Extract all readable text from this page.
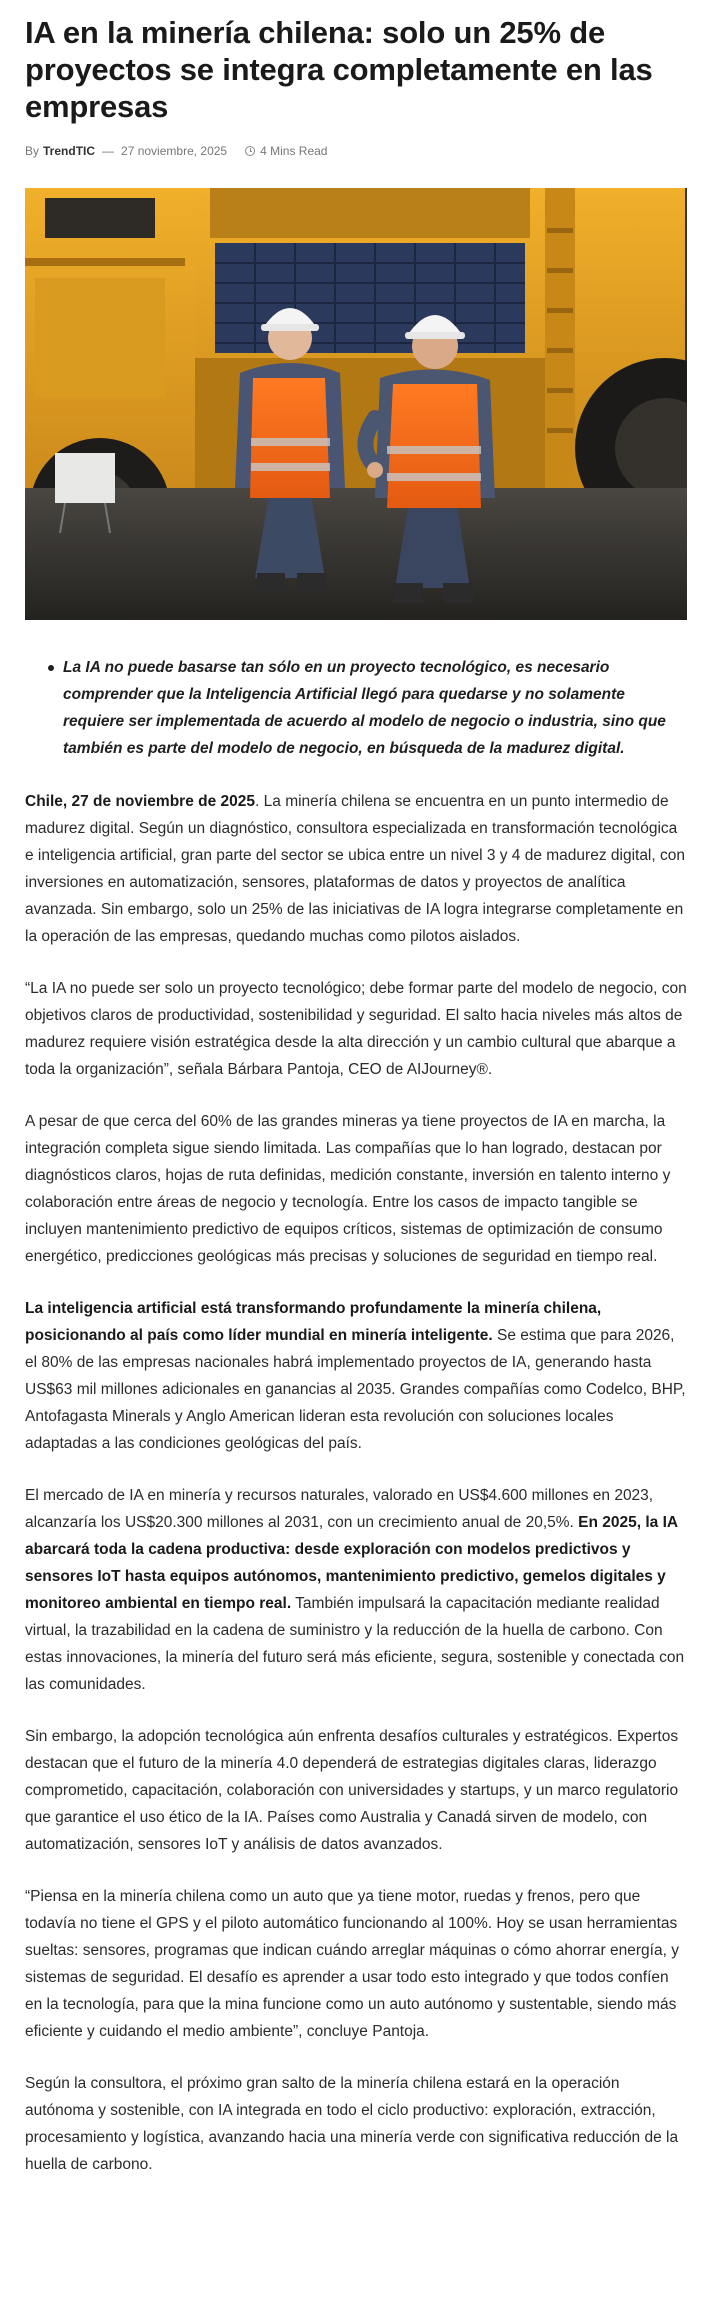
IA en la minería chilena: solo un 25% de proyectos se integra completamente en las empresas
By TrendTIC — 27 noviembre, 2025	4 Mins Read
La IA no puede basarse tan sólo en un proyecto tecnológico, es necesario comprender que la Inteligencia Artificial llegó para quedarse y no solamente requiere ser implementada de acuerdo al modelo de negocio o industria, sino que también es parte del modelo de negocio, en búsqueda de la madurez digital.

Chile, 27 de noviembre de 2025. La minería chilena se encuentra en un punto intermedio de madurez digital. Según un diagnóstico, consultora especializada en transformación tecnológica e inteligencia artificial, gran parte del sector se ubica entre un nivel 3 y 4 de madurez digital, con inversiones en automatización, sensores, plataformas de datos y proyectos de analítica avanzada. Sin embargo, solo un 25% de las iniciativas de IA logra integrarse completamente en la operación de las empresas, quedando muchas como pilotos aislados.

“La IA no puede ser solo un proyecto tecnológico; debe formar parte del modelo de negocio, con objetivos claros de productividad, sostenibilidad y seguridad. El salto hacia niveles más altos de madurez requiere visión estratégica desde la alta dirección y un cambio cultural que abarque a toda la organización”, señala Bárbara Pantoja, CEO de AIJourney®.

A pesar de que cerca del 60% de las grandes mineras ya tiene proyectos de IA en marcha, la integración completa sigue siendo limitada. Las compañías que lo han logrado, destacan por diagnósticos claros, hojas de ruta definidas, medición constante, inversión en talento interno y colaboración entre áreas de negocio y tecnología. Entre los casos de impacto tangible se incluyen mantenimiento predictivo de equipos críticos, sistemas de optimización de consumo energético, predicciones geológicas más precisas y soluciones de seguridad en tiempo real.

La inteligencia artificial está transformando profundamente la minería chilena, posicionando al país como líder mundial en minería inteligente. Se estima que para 2026, el 80% de las empresas nacionales habrá implementado proyectos de IA, generando hasta US$63 mil millones adicionales en ganancias al 2035. Grandes compañías como Codelco, BHP, Antofagasta Minerals y Anglo American lideran esta revolución con soluciones locales adaptadas a las condiciones geológicas del país.

El mercado de IA en minería y recursos naturales, valorado en US$4.600 millones en 2023, alcanzaría los US$20.300 millones al 2031, con un crecimiento anual de 20,5%. En 2025, la IA abarcará toda la cadena productiva: desde exploración con modelos predictivos y sensores IoT hasta equipos autónomos, mantenimiento predictivo, gemelos digitales y monitoreo ambiental en tiempo real. También impulsará la capacitación mediante realidad virtual, la trazabilidad en la cadena de suministro y la reducción de la huella de carbono. Con estas innovaciones, la minería del futuro será más eficiente, segura, sostenible y conectada con las comunidades.

Sin embargo, la adopción tecnológica aún enfrenta desafíos culturales y estratégicos. Expertos destacan que el futuro de la minería 4.0 dependerá de estrategias digitales claras, liderazgo comprometido, capacitación, colaboración con universidades y startups, y un marco regulatorio que garantice el uso ético de la IA. Países como Australia y Canadá sirven de modelo, con automatización, sensores IoT y análisis de datos avanzados.

“Piensa en la minería chilena como un auto que ya tiene motor, ruedas y frenos, pero que todavía no tiene el GPS y el piloto automático funcionando al 100%. Hoy se usan herramientas sueltas: sensores, programas que indican cuándo arreglar máquinas o cómo ahorrar energía, y sistemas de seguridad. El desafío es aprender a usar todo esto integrado y que todos confíen en la tecnología, para que la mina funcione como un auto autónomo y sustentable, siendo más eficiente y cuidando el medio ambiente”, concluye Pantoja.

Según la consultora, el próximo gran salto de la minería chilena estará en la operación autónoma y sostenible, con IA integrada en todo el ciclo productivo: exploración, extracción, procesamiento y logística, avanzando hacia una minería verde con significativa reducción de la huella de carbono.
